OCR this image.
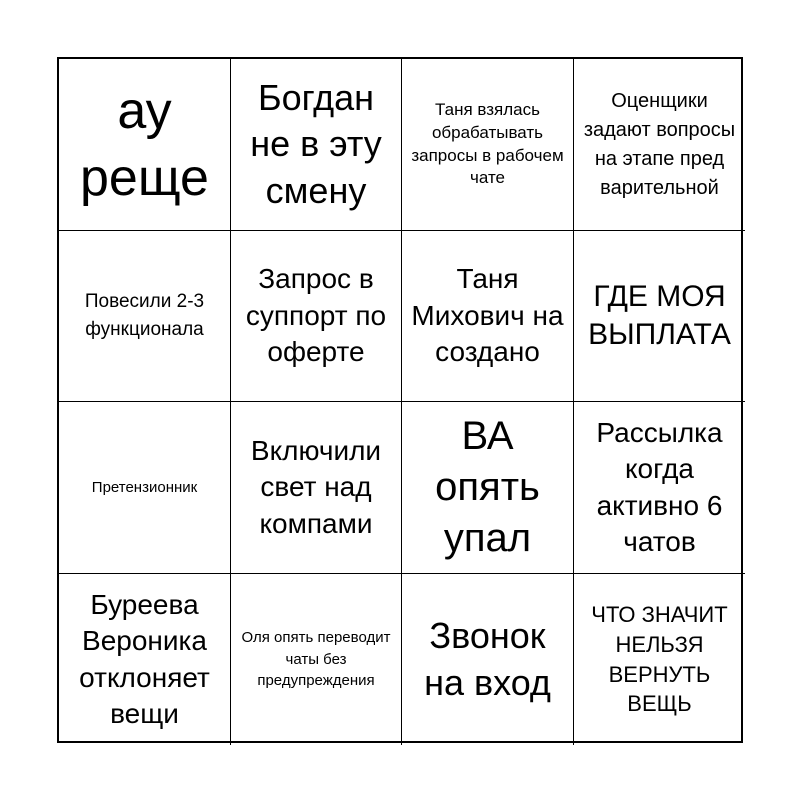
ау реще
Богдан не в эту смену
Таня взялась обрабатывать запросы в рабочем чате
Оценщики задают вопросы на этапе пред варительной
Повесили 2-3 функционала
Запрос в суппорт по оферте
Таня Михович на создано
ГДЕ МОЯ ВЫПЛАТА
Претензионник
Включили свет над компами
ВА опять упал
Рассылка когда активно 6 чатов
Буреева Вероника отклоняет вещи
Оля опять переводит чаты без предупреждения
Звонок на вход
ЧТО ЗНАЧИТ НЕЛЬЗЯ ВЕРНУТЬ ВЕЩЬ
